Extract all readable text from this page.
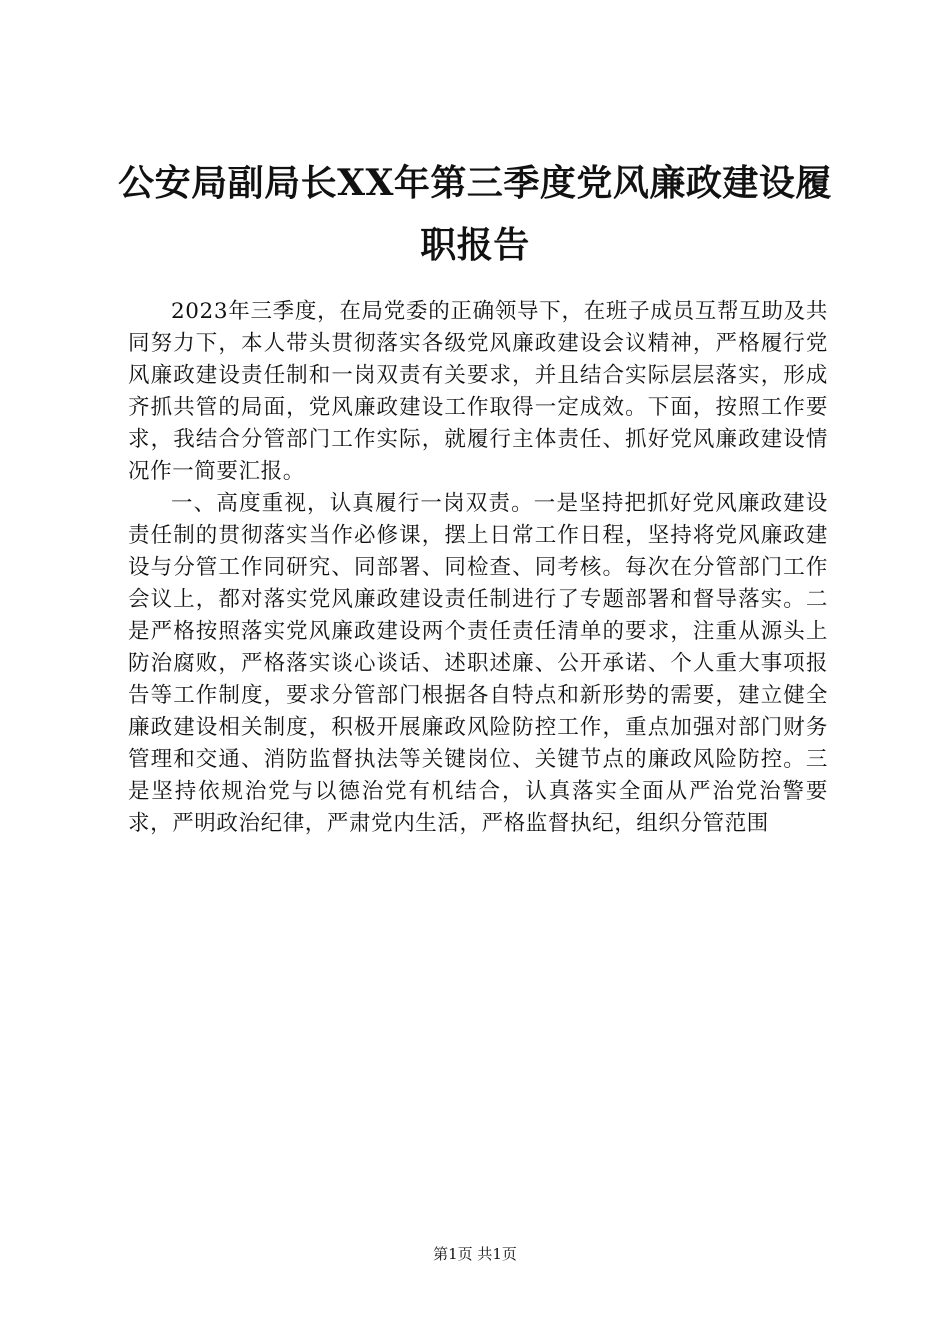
公安局副局长XX年第三季度党风廉政建设履职报告

2023年三季度，在局党委的正确领导下，在班子成员互帮互助及共同努力下，本人带头贯彻落实各级党风廉政建设会议精神，严格履行党风廉政建设责任制和一岗双责有关要求，并且结合实际层层落实，形成齐抓共管的局面，党风廉政建设工作取得一定成效。下面，按照工作要求，我结合分管部门工作实际，就履行主体责任、抓好党风廉政建设情况作一简要汇报。

一、高度重视，认真履行一岗双责。一是坚持把抓好党风廉政建设责任制的贯彻落实当作必修课，摆上日常工作日程，坚持将党风廉政建设与分管工作同研究、同部署、同检查、同考核。每次在分管部门工作会议上，都对落实党风廉政建设责任制进行了专题部署和督导落实。二是严格按照落实党风廉政建设两个责任责任清单的要求，注重从源头上防治腐败，严格落实谈心谈话、述职述廉、公开承诺、个人重大事项报告等工作制度，要求分管部门根据各自特点和新形势的需要，建立健全廉政建设相关制度，积极开展廉政风险防控工作，重点加强对部门财务管理和交通、消防监督执法等关键岗位、关键节点的廉政风险防控。三是坚持依规治党与以德治党有机结合，认真落实全面从严治党治警要求，严明政治纪律，严肃党内生活，严格监督执纪，组织分管范围

第1页 共1页
